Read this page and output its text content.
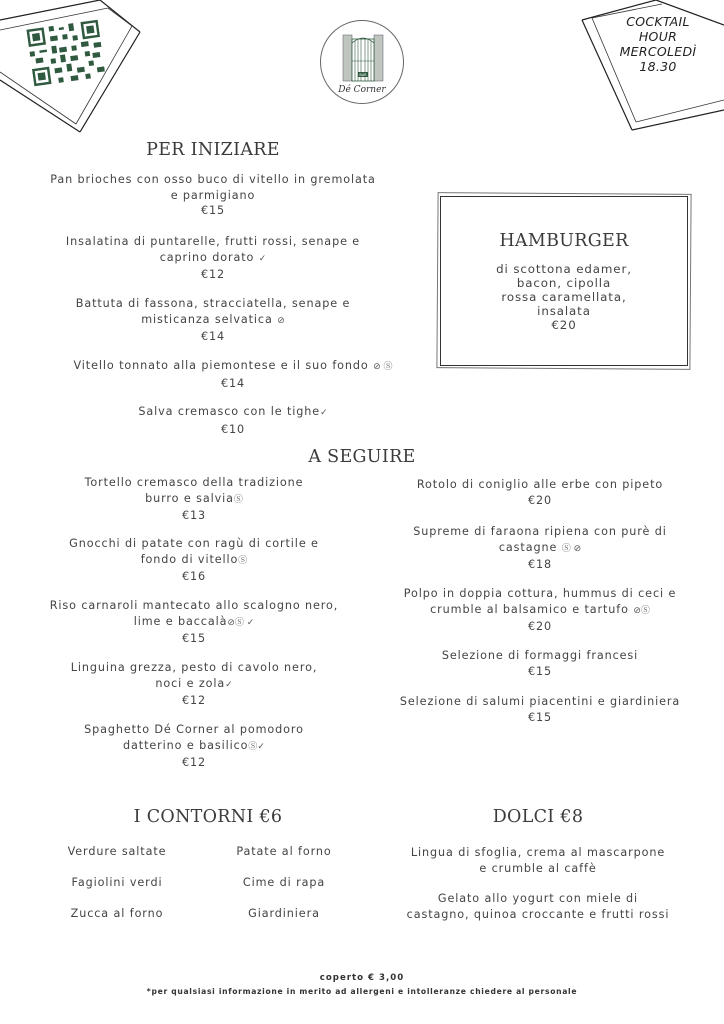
BAR
Dé Corner
COCKTAIL
HOUR
MERCOLEDÌ
18.30
PER INIZIARE
Pan brioches con osso buco di vitello in gremolata
e parmigiano
€15
Insalatina di puntarelle, frutti rossi, senape e
caprino dorato ✓
€12
Battuta di fassona, stracciatella, senape e
misticanza selvatica ⊘
€14
Vitello tonnato alla piemontese e il suo fondo ⊘ Ⓢ
€14
Salva cremasco con le tighe✓
€10
HAMBURGER
di scottona edamer,
bacon, cipolla
rossa caramellata,
insalata
€20
A SEGUIRE
Tortello cremasco della tradizione
burro e salviaⓈ
€13
Gnocchi di patate con ragù di cortile e
fondo di vitelloⓈ
€16
Riso carnaroli mantecato allo scalogno nero,
lime e baccalà⊘Ⓢ ✓
€15
Linguina grezza, pesto di cavolo nero,
noci e zola✓
€12
Spaghetto Dé Corner al pomodoro
datterino e basilicoⓈ✓
€12
Rotolo di coniglio alle erbe con pipeto
€20
Supreme di faraona ripiena con purè di
castagne Ⓢ ⊘
€18
Polpo in doppia cottura, hummus di ceci e
crumble al balsamico e tartufo ⊘Ⓢ
€20
Selezione di formaggi francesi
€15
Selezione di salumi piacentini e giardiniera
€15
I CONTORNI €6
Verdure saltate
Fagiolini verdi
Zucca al forno
Patate al forno
Cime di rapa
Giardiniera
DOLCI €8
Lingua di sfoglia, crema al mascarpone
e crumble al caffè
Gelato allo yogurt con miele di
castagno, quinoa croccante e frutti rossi
coperto € 3,00
*per qualsiasi informazione in merito ad allergeni e intolleranze chiedere al personale
